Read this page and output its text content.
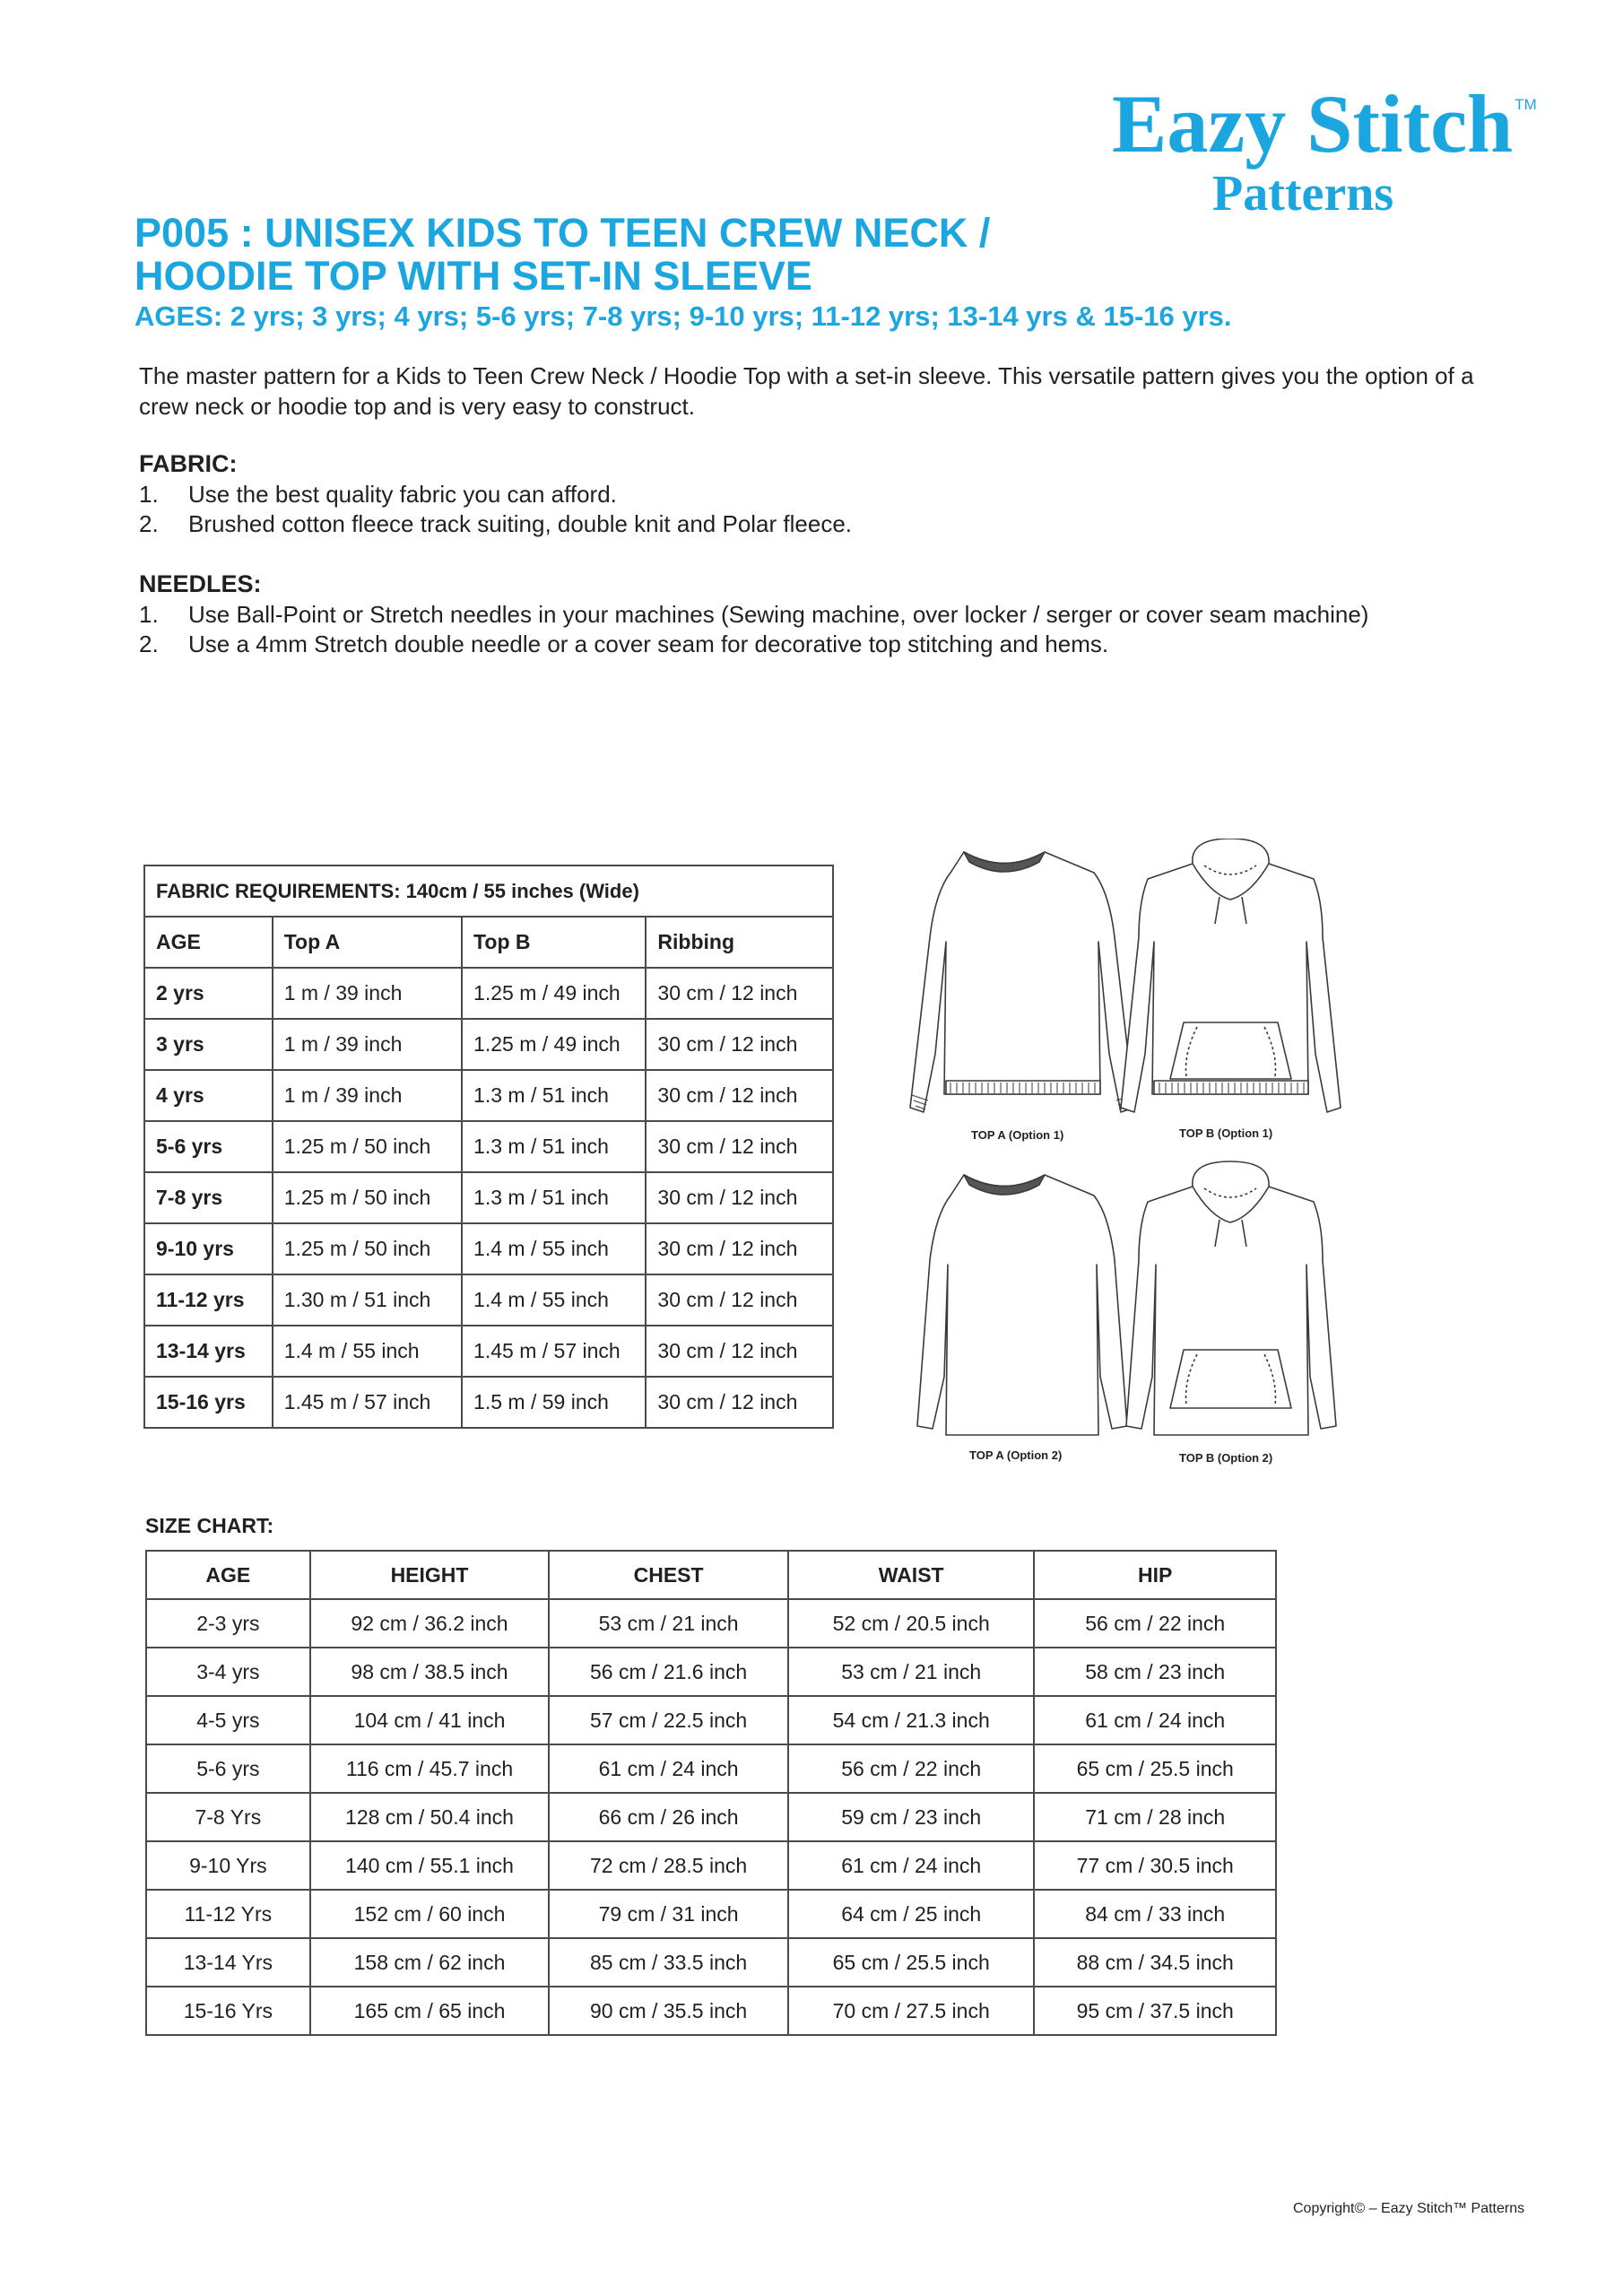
Eazy Stitch ™
Patterns
P005 : UNISEX KIDS TO TEEN CREW NECK /
HOODIE TOP WITH SET-IN SLEEVE

AGES: 2 yrs; 3 yrs; 4 yrs; 5-6 yrs; 7-8 yrs; 9-10 yrs; 11-12 yrs; 13-14 yrs & 15-16 yrs.

The master pattern for a Kids to Teen Crew Neck / Hoodie Top with a set-in sleeve. This versatile pattern gives you the option of a crew neck or hoodie top and is very easy to construct.

FABRIC:
1. Use the best quality fabric you can afford.
2. Brushed cotton fleece track suiting, double knit and Polar fleece.
NEEDLES:
1. Use Ball-Point or Stretch needles in your machines (Sewing machine, over locker / serger or cover seam machine)
2. Use a 4mm Stretch double needle or a cover seam for decorative top stitching and hems.
FABRIC REQUIREMENTS: 140cm / 55 inches (Wide)			
AGE	Top A	Top B	Ribbing
2 yrs	1 m / 39 inch	1.25 m / 49 inch	30 cm / 12 inch
3 yrs	1 m / 39 inch	1.25 m / 49 inch	30 cm / 12 inch
4 yrs	1 m / 39 inch	1.3 m / 51 inch	30 cm / 12 inch
5-6 yrs	1.25 m / 50 inch	1.3 m / 51 inch	30 cm / 12 inch
7-8 yrs	1.25 m / 50 inch	1.3 m / 51 inch	30 cm / 12 inch
9-10 yrs	1.25 m / 50 inch	1.4 m / 55 inch	30 cm / 12 inch
11-12 yrs	1.30 m / 51 inch	1.4 m / 55 inch	30 cm / 12 inch
13-14 yrs	1.4 m / 55 inch	1.45 m / 57 inch	30 cm / 12 inch
15-16 yrs	1.45 m / 57 inch	1.5 m / 59 inch	30 cm / 12 inch
TOP A (Option 1)	TOP B (Option 1)
TOP A (Option 2)	TOP B (Option 2)

SIZE CHART:

AGE	HEIGHT	CHEST	WAIST	HIP
2-3 yrs	92 cm / 36.2 inch	53 cm / 21 inch	52 cm / 20.5 inch	56 cm / 22 inch
3-4 yrs	98 cm / 38.5 inch	56 cm / 21.6 inch	53 cm / 21 inch	58 cm / 23 inch
4-5 yrs	104 cm / 41 inch	57 cm / 22.5 inch	54 cm / 21.3 inch	61 cm / 24 inch
5-6 yrs	116 cm / 45.7 inch	61 cm / 24 inch	56 cm / 22 inch	65 cm / 25.5 inch
7-8 Yrs	128 cm / 50.4 inch	66 cm / 26 inch	59 cm / 23 inch	71 cm / 28 inch
9-10 Yrs	140 cm / 55.1 inch	72 cm / 28.5 inch	61 cm / 24 inch	77 cm / 30.5 inch
11-12 Yrs	152 cm / 60 inch	79 cm / 31 inch	64 cm / 25 inch	84 cm / 33 inch
13-14 Yrs	158 cm / 62 inch	85 cm / 33.5 inch	65 cm / 25.5 inch	88 cm / 34.5 inch
15-16 Yrs	165 cm / 65 inch	90 cm / 35.5 inch	70 cm / 27.5 inch	95 cm / 37.5 inch

Copyright© – Eazy Stitch™ Patterns
